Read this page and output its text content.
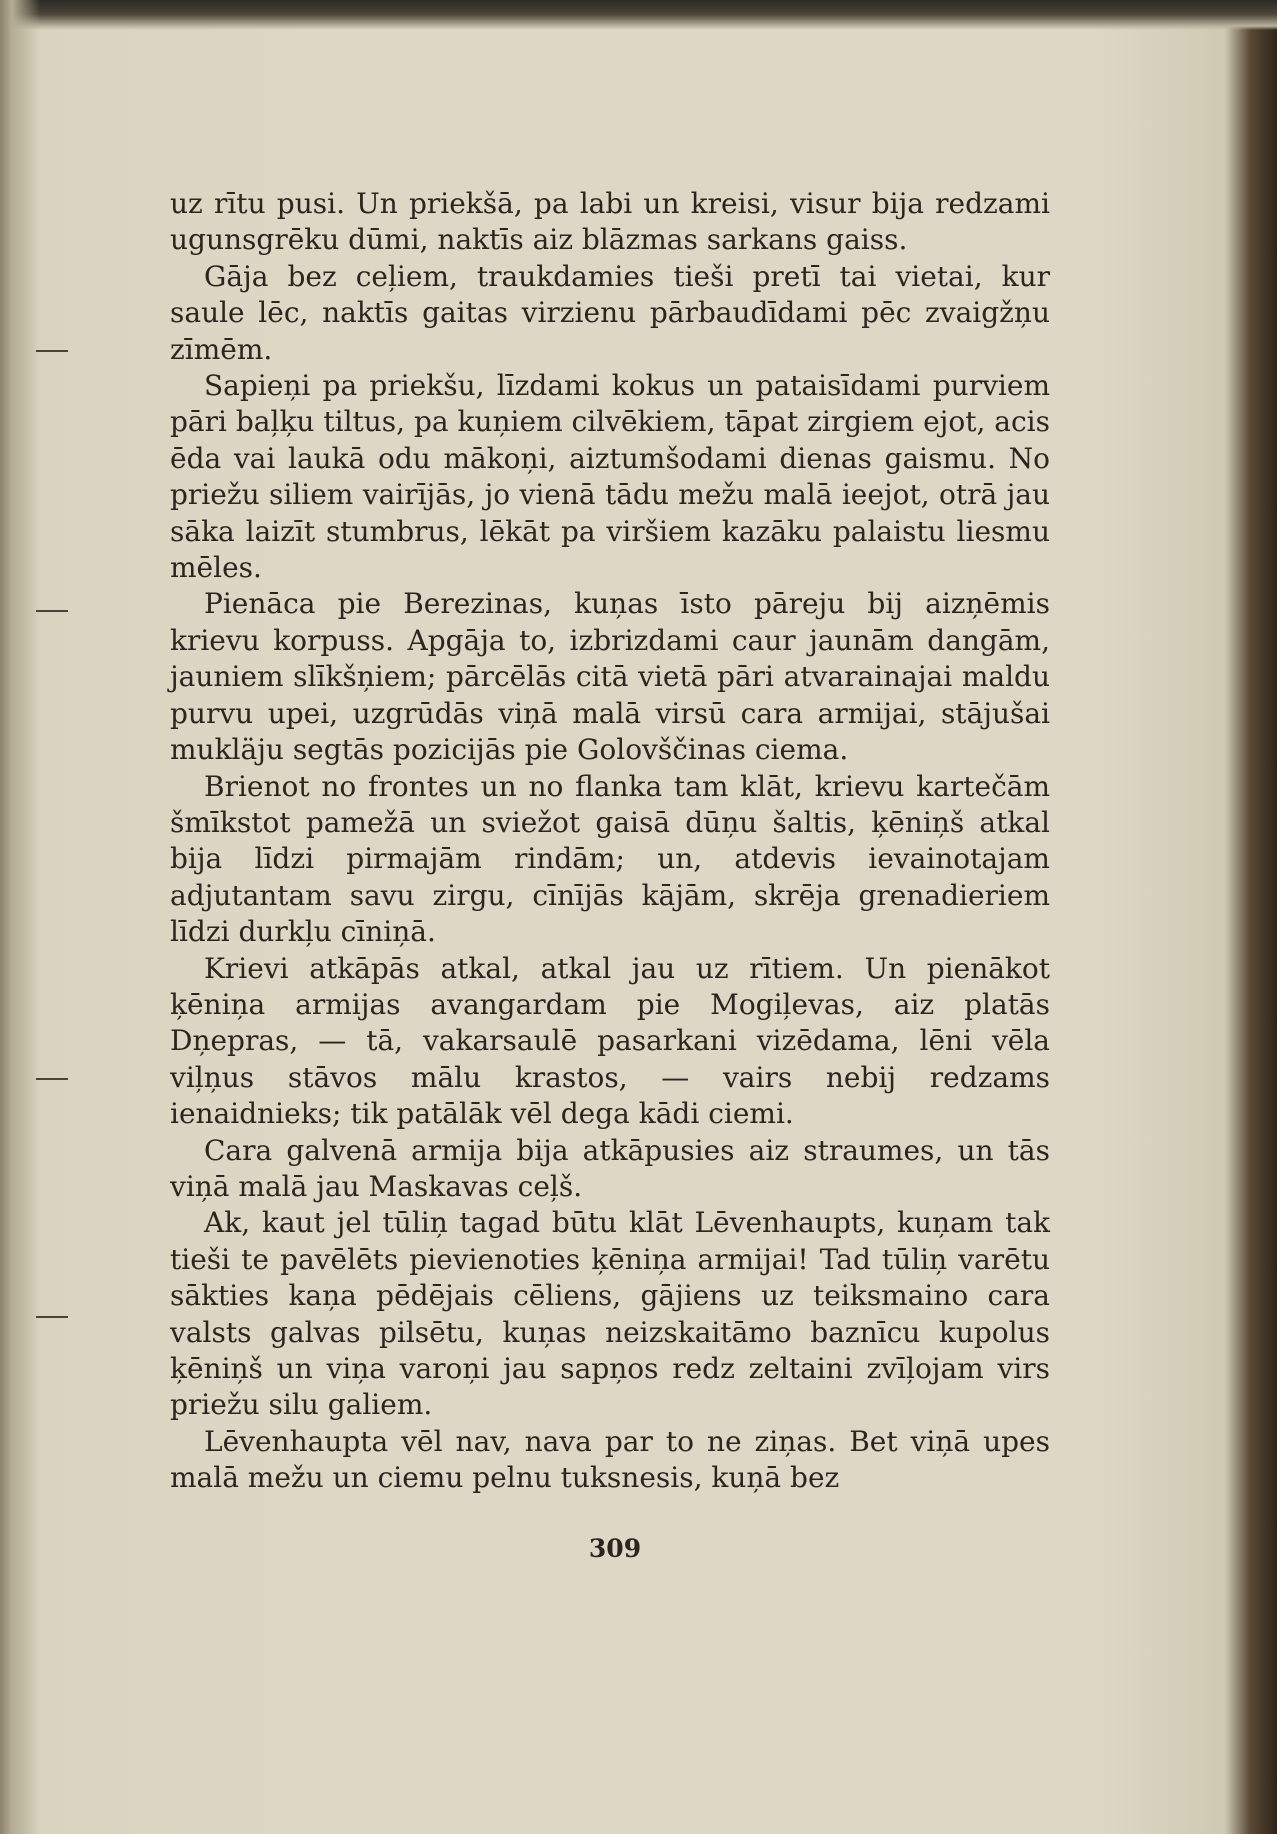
uz rītu pusi. Un priekšā, pa labi un kreisi, visur bija redzami ugunsgrēku dūmi, naktīs aiz blāzmas sarkans gaiss.

Gāja bez ceļiem, traukdamies tieši pretī tai vietai, kur saule lēc, naktīs gaitas virzienu pārbaudīdami pēc zvaigžņu zīmēm.

Sapieņi pa priekšu, līzdami kokus un pataisīdami purviem pāri baļķu tiltus, pa kuņiem cilvēkiem, tāpat zirgiem ejot, acis ēda vai laukā odu mākoņi, aiztumšodami dienas gaismu. No priežu siliem vairījās, jo vienā tādu mežu malā ieejot, otrā jau sāka laizīt stumbrus, lēkāt pa viršiem kazāku palaistu liesmu mēles.

Pienāca pie Berezinas, kuņas īsto pāreju bij aizņēmis krievu korpuss. Apgāja to, izbrizdami caur jaunām dangām, jauniem slīkšņiem; pārcēlās citā vietā pāri atvarainajai maldu purvu upei, uzgrūdās viņā malā virsū cara armijai, stājušai mukläju segtās pozicijās pie Golovščinas ciema.

Brienot no frontes un no flanka tam klāt, krievu kartečām šmīkstot pamežā un sviežot gaisā dūņu šaltis, ķēniņš atkal bija līdzi pirmajām rindām; un, atdevis ievainotajam adjutantam savu zirgu, cīnījās kājām, skrēja grenadieriem līdzi durkļu cīniņā.

Krievi atkāpās atkal, atkal jau uz rītiem. Un pienākot ķēniņa armijas avangardam pie Mogiļevas, aiz platās Dņepras, — tā, vakarsaulē pasarkani vizēdama, lēni vēla viļņus stāvos mālu krastos, — vairs nebij redzams ienaidnieks; tik patālāk vēl dega kādi ciemi.

Cara galvenā armija bija atkāpusies aiz straumes, un tās viņā malā jau Maskavas ceļš.

Ak, kaut jel tūliņ tagad būtu klāt Lēvenhaupts, kuņam tak tieši te pavēlēts pievienoties ķēniņa armijai! Tad tūliņ varētu sākties kaņa pēdējais cēliens, gājiens uz teiksmaino cara valsts galvas pilsētu, kuņas neizskaitāmo baznīcu kupolus ķēniņš un viņa varoņi jau sapņos redz zeltaini zvīļojam virs priežu silu galiem.

Lēvenhaupta vēl nav, nava par to ne ziņas. Bet viņā upes malā mežu un ciemu pelnu tuksnesis, kuņā bez

309
